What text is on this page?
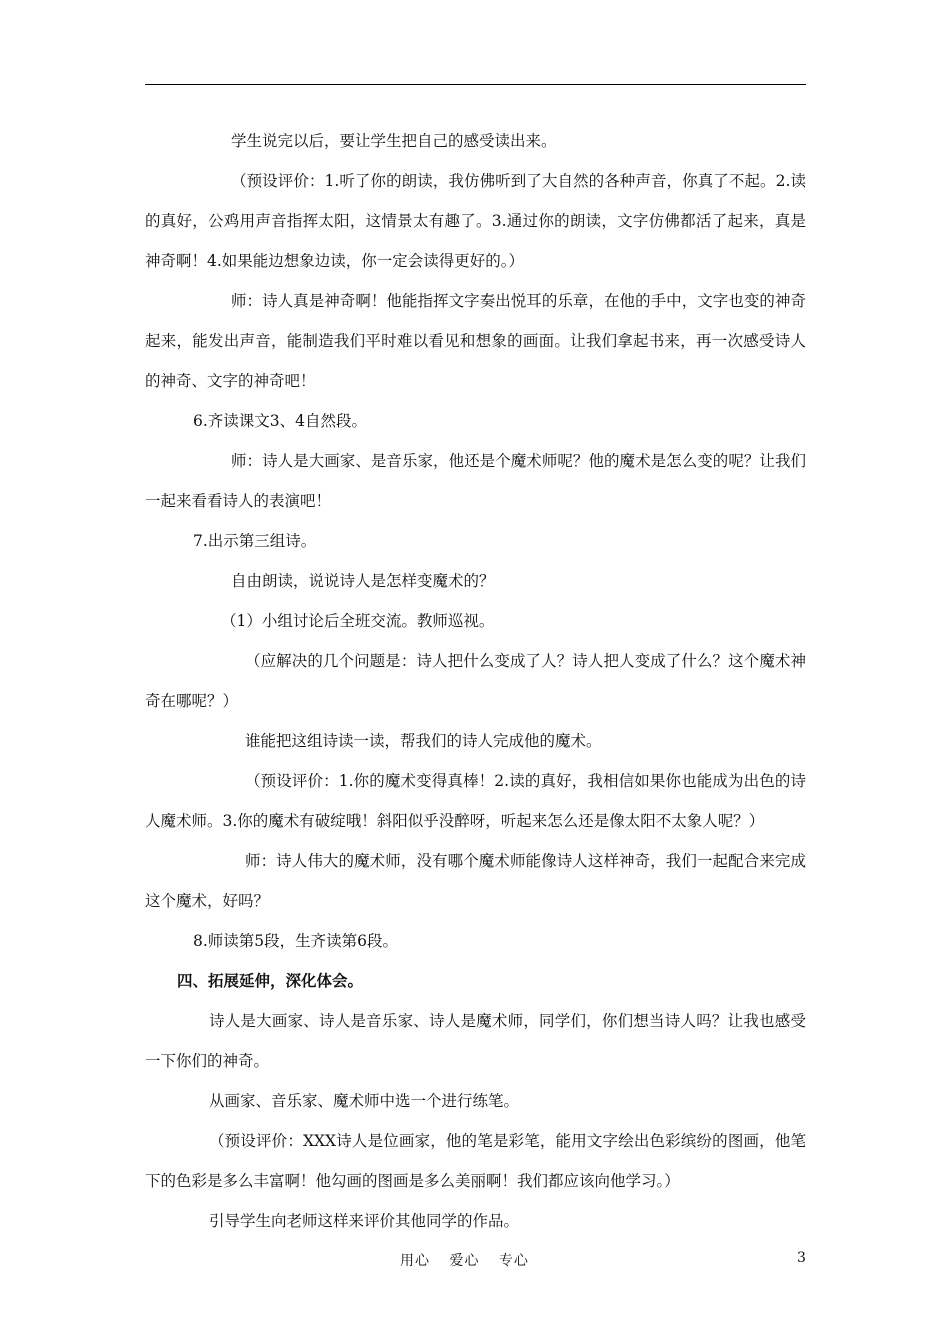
学生说完以后，要让学生把自己的感受读出来。

（预设评价：1.听了你的朗读，我仿佛听到了大自然的各种声音，你真了不起。2.读的真好，公鸡用声音指挥太阳，这情景太有趣了。3.通过你的朗读，文字仿佛都活了起来，真是神奇啊！4.如果能边想象边读，你一定会读得更好的。）

师：诗人真是神奇啊！他能指挥文字奏出悦耳的乐章，在他的手中，文字也变的神奇起来，能发出声音，能制造我们平时难以看见和想象的画面。让我们拿起书来，再一次感受诗人的神奇、文字的神奇吧！

6.齐读课文3、4自然段。

师：诗人是大画家、是音乐家，他还是个魔术师呢？他的魔术是怎么变的呢？让我们一起来看看诗人的表演吧！

7.出示第三组诗。

自由朗读，说说诗人是怎样变魔术的？

（1）小组讨论后全班交流。教师巡视。

（应解决的几个问题是：诗人把什么变成了人？诗人把人变成了什么？这个魔术神奇在哪呢？）

谁能把这组诗读一读，帮我们的诗人完成他的魔术。

（预设评价：1.你的魔术变得真棒！2.读的真好，我相信如果你也能成为出色的诗人魔术师。3.你的魔术有破绽哦！斜阳似乎没醉呀，听起来怎么还是像太阳不太象人呢？）

师：诗人伟大的魔术师，没有哪个魔术师能像诗人这样神奇，我们一起配合来完成这个魔术，好吗？

8.师读第5段，生齐读第6段。

四、拓展延伸，深化体会。

诗人是大画家、诗人是音乐家、诗人是魔术师，同学们，你们想当诗人吗？让我也感受一下你们的神奇。

从画家、音乐家、魔术师中选一个进行练笔。

（预设评价：XXX诗人是位画家，他的笔是彩笔，能用文字绘出色彩缤纷的图画，他笔下的色彩是多么丰富啊！他勾画的图画是多么美丽啊！我们都应该向他学习。）

引导学生向老师这样来评价其他同学的作品。

用心 爱心 专心	3
